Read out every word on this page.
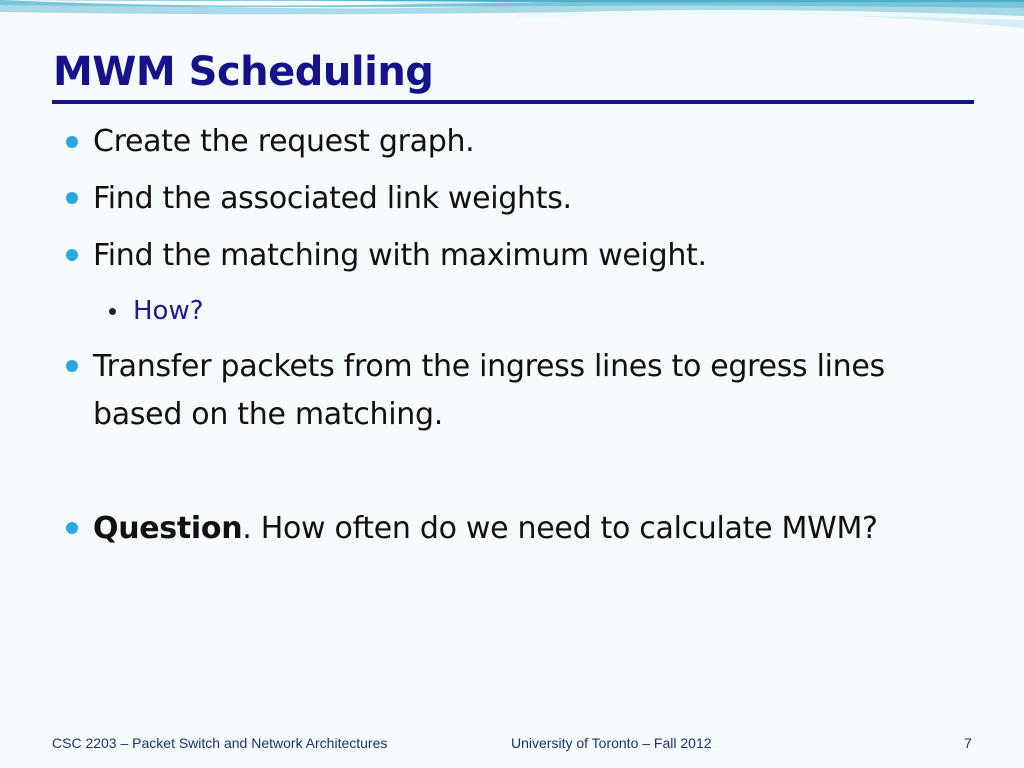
MWM Scheduling

Create the request graph.

Find the associated link weights.

Find the matching with maximum weight.

How?

Transfer packets from the ingress lines to egress lines based on the matching.

Question. How often do we need to calculate MWM?

CSC 2203 – Packet Switch and Network Architectures	University of Toronto – Fall 2012	7
